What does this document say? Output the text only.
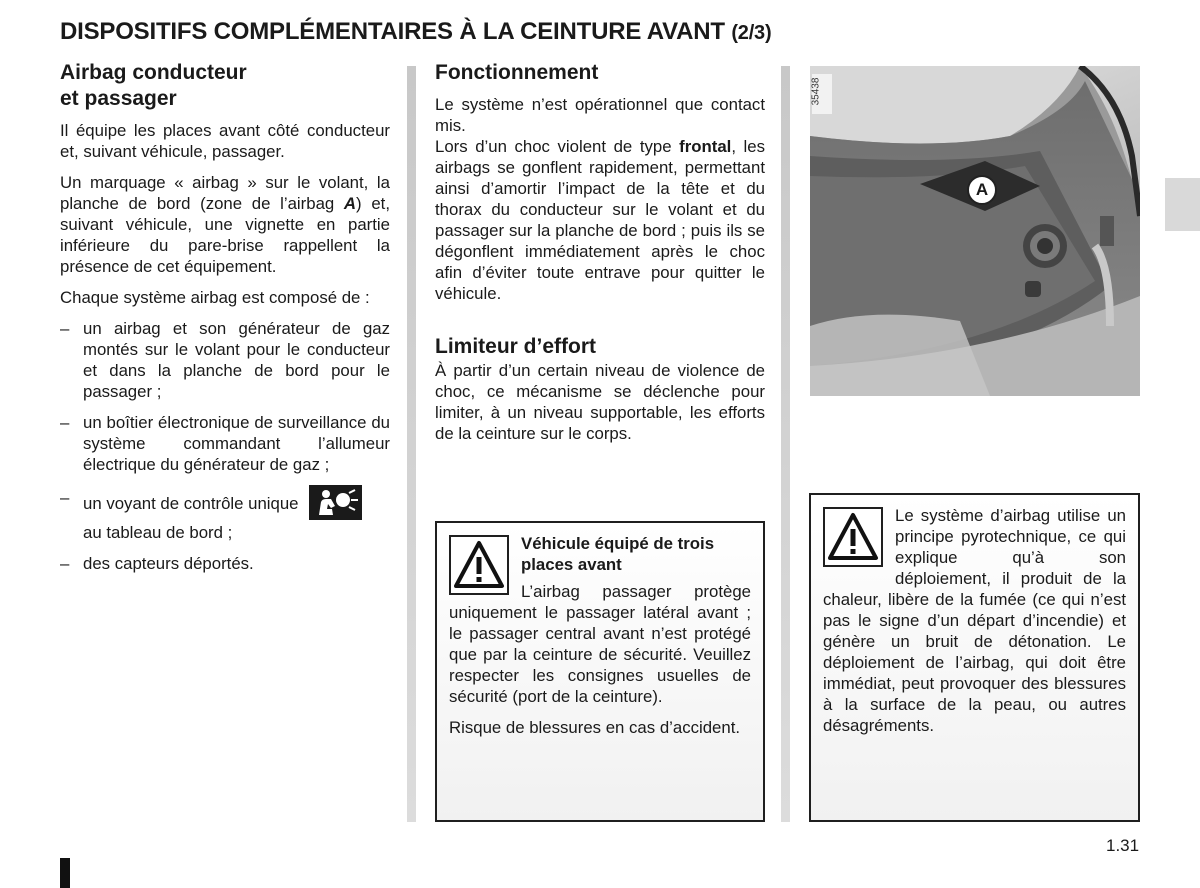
DISPOSITIFS COMPLÉMENTAIRES À LA CEINTURE AVANT (2/3)
Airbag conducteur
et passager

Il équipe les places avant côté conducteur et, suivant véhicule, passager.

Un marquage « airbag » sur le volant, la planche de bord (zone de l’airbag A) et, suivant véhicule, une vignette en partie inférieure du pare-brise rappellent la présence de cet équipement.

Chaque système airbag est composé de :

– un airbag et son générateur de gaz montés sur le volant pour le conducteur et dans la planche de bord pour le passager ;
– un boîtier électronique de surveillance du système commandant l’allumeur électrique du générateur de gaz ;
– un voyant de contrôle unique

au tableau de bord ;
– des capteurs déportés.
Fonctionnement

Le système n’est opérationnel que contact mis.

Lors d’un choc violent de type frontal, les airbags se gonflent rapidement, permettant ainsi d’amortir l’impact de la tête et du thorax du conducteur sur le volant et du passager sur la planche de bord ; puis ils se dégonflent immédiatement après le choc afin d’éviter toute entrave pour quitter le véhicule.

Limiteur d’effort

À partir d’un certain niveau de violence de choc, ce mécanisme se déclenche pour limiter, à un niveau supportable, les efforts de la ceinture sur le corps.

35438
A

Véhicule équipé de trois places avant

L’airbag passager protège uniquement le passager latéral avant ; le passager central avant n’est protégé que par la ceinture de sécurité. Veuillez respecter les consignes usuelles de sécurité (port de la ceinture).

Risque de blessures en cas d’accident.

Le système d’airbag utilise un principe pyrotechnique, ce qui explique qu’à son déploiement, il produit de la chaleur, libère de la fumée (ce qui n’est pas le signe d’un départ d’incendie) et génère un bruit de détonation. Le déploiement de l’airbag, qui doit être immédiat, peut provoquer des blessures à la surface de la peau, ou autres désagréments.

1.31
